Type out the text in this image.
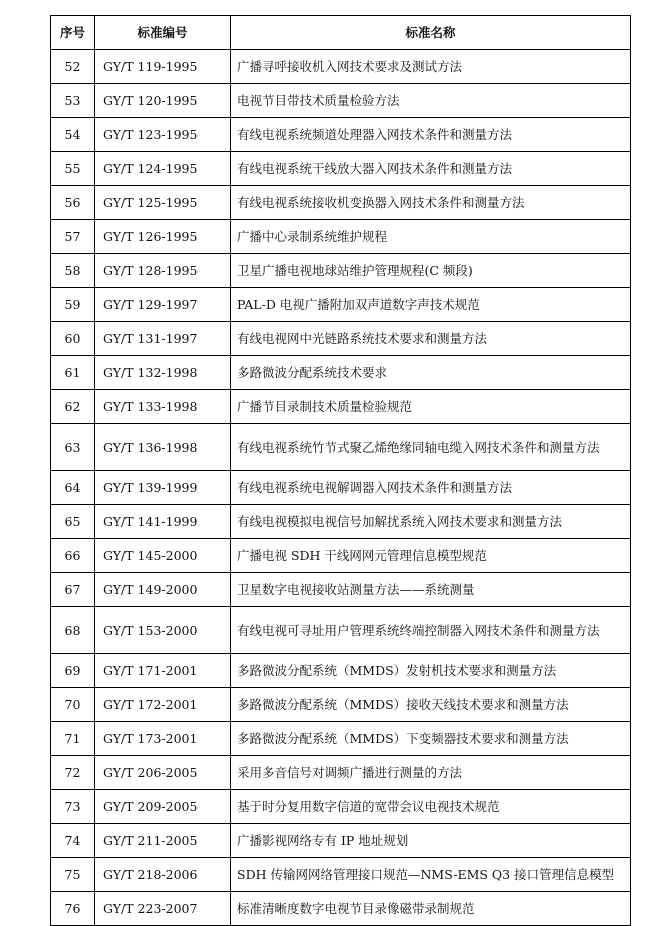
序号	标准编号	标准名称
52	GY/T 119-1995	广播寻呼接收机入网技术要求及测试方法
53	GY/T 120-1995	电视节目带技术质量检验方法
54	GY/T 123-1995	有线电视系统频道处理器入网技术条件和测量方法
55	GY/T 124-1995	有线电视系统干线放大器入网技术条件和测量方法
56	GY/T 125-1995	有线电视系统接收机变换器入网技术条件和测量方法
57	GY/T 126-1995	广播中心录制系统维护规程
58	GY/T 128-1995	卫星广播电视地球站维护管理规程(C 频段)
59	GY/T 129-1997	PAL-D 电视广播附加双声道数字声技术规范
60	GY/T 131-1997	有线电视网中光链路系统技术要求和测量方法
61	GY/T 132-1998	多路微波分配系统技术要求
62	GY/T 133-1998	广播节目录制技术质量检验规范
63	GY/T 136-1998	有线电视系统竹节式聚乙烯绝缘同轴电缆入网技术条件和测量方法
64	GY/T 139-1999	有线电视系统电视解调器入网技术条件和测量方法
65	GY/T 141-1999	有线电视模拟电视信号加解扰系统入网技术要求和测量方法
66	GY/T 145-2000	广播电视 SDH 干线网网元管理信息模型规范
67	GY/T 149-2000	卫星数字电视接收站测量方法——系统测量
68	GY/T 153-2000	有线电视可寻址用户管理系统终端控制器入网技术条件和测量方法
69	GY/T 171-2001	多路微波分配系统（MMDS）发射机技术要求和测量方法
70	GY/T 172-2001	多路微波分配系统（MMDS）接收天线技术要求和测量方法
71	GY/T 173-2001	多路微波分配系统（MMDS）下变频器技术要求和测量方法
72	GY/T 206-2005	采用多音信号对调频广播进行测量的方法
73	GY/T 209-2005	基于时分复用数字信道的宽带会议电视技术规范
74	GY/T 211-2005	广播影视网络专有 IP 地址规划
75	GY/T 218-2006	SDH 传输网网络管理接口规范—NMS-EMS Q3 接口管理信息模型
76	GY/T 223-2007	标准清晰度数字电视节目录像磁带录制规范
